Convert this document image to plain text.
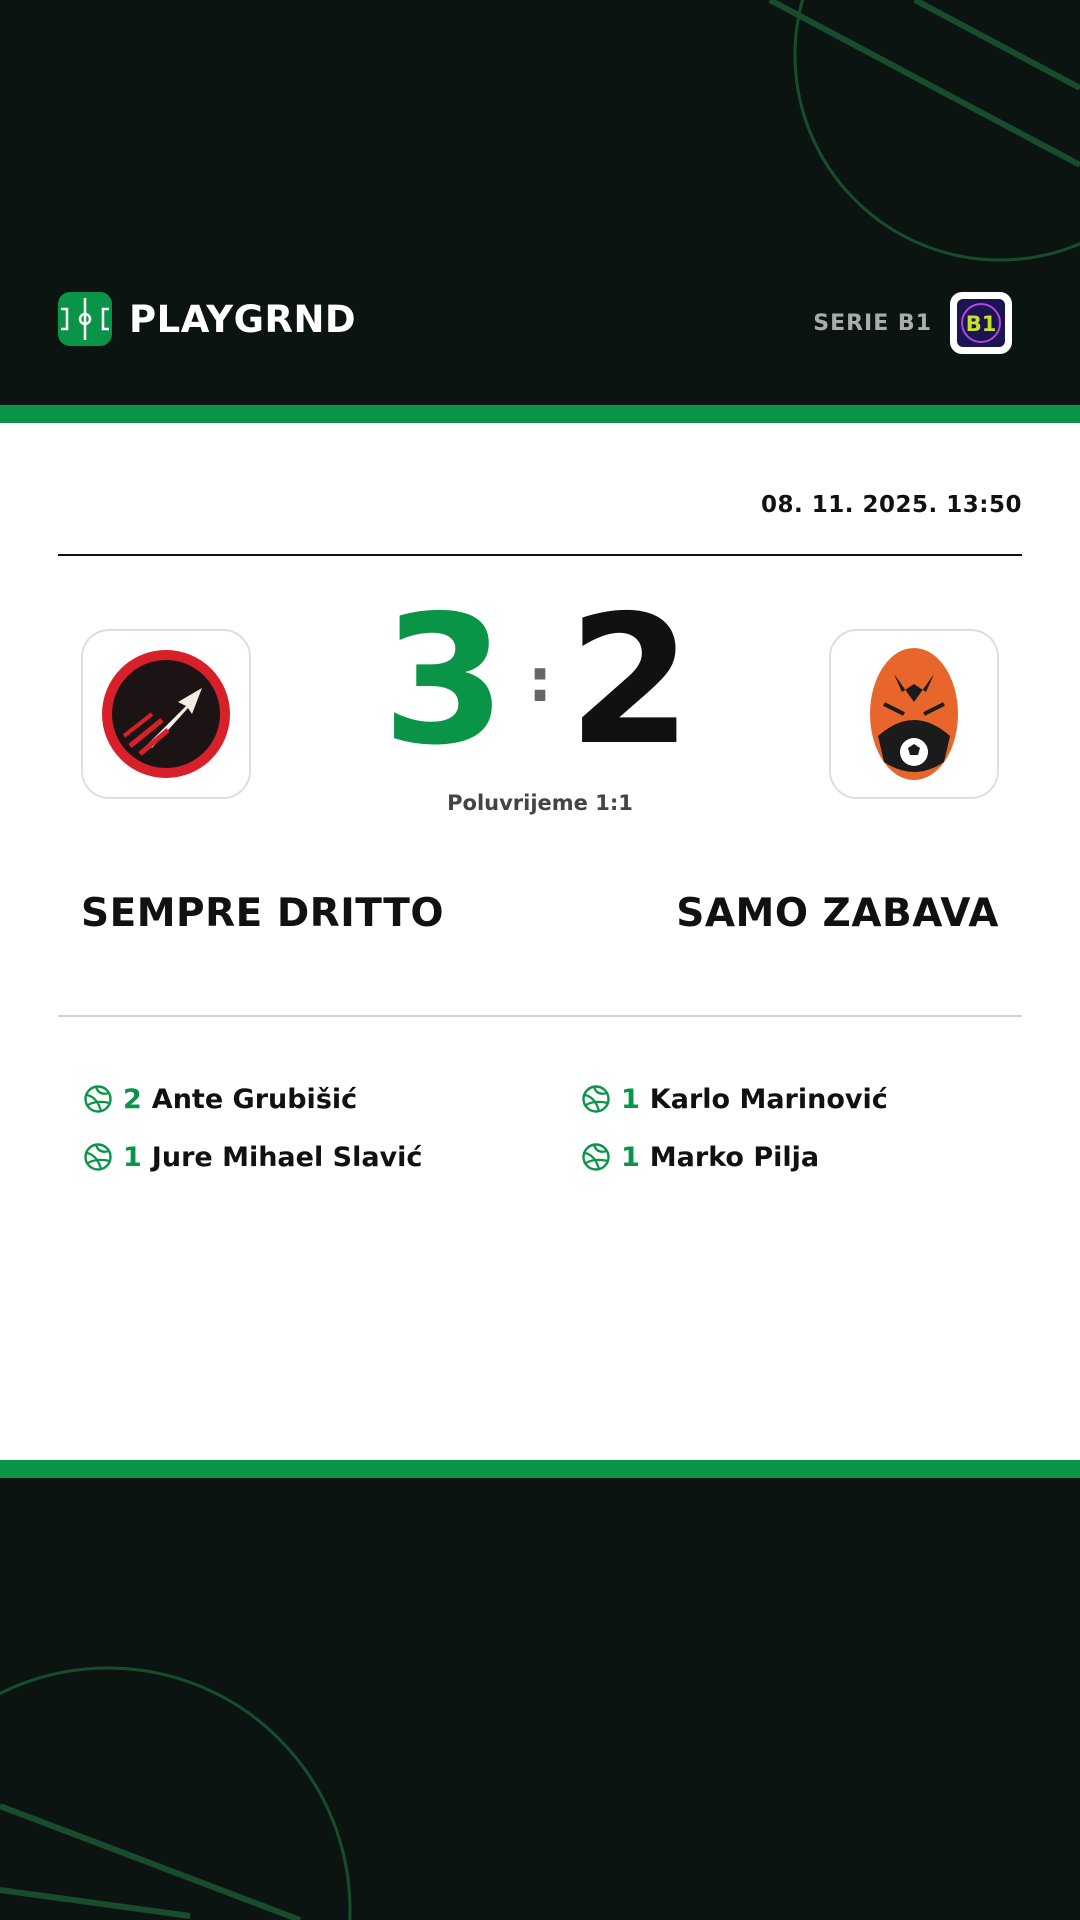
PLAYGRND	SERIE B1 B1
08. 11. 2025. 13:50
3 : 2
Poluvrijeme 1:1
SEMPRE DRITTO	SAMO ZABAVA
2 Ante Grubišić
1 Jure Mihael Slavić
1 Karlo Marinović
1 Marko Pilja
